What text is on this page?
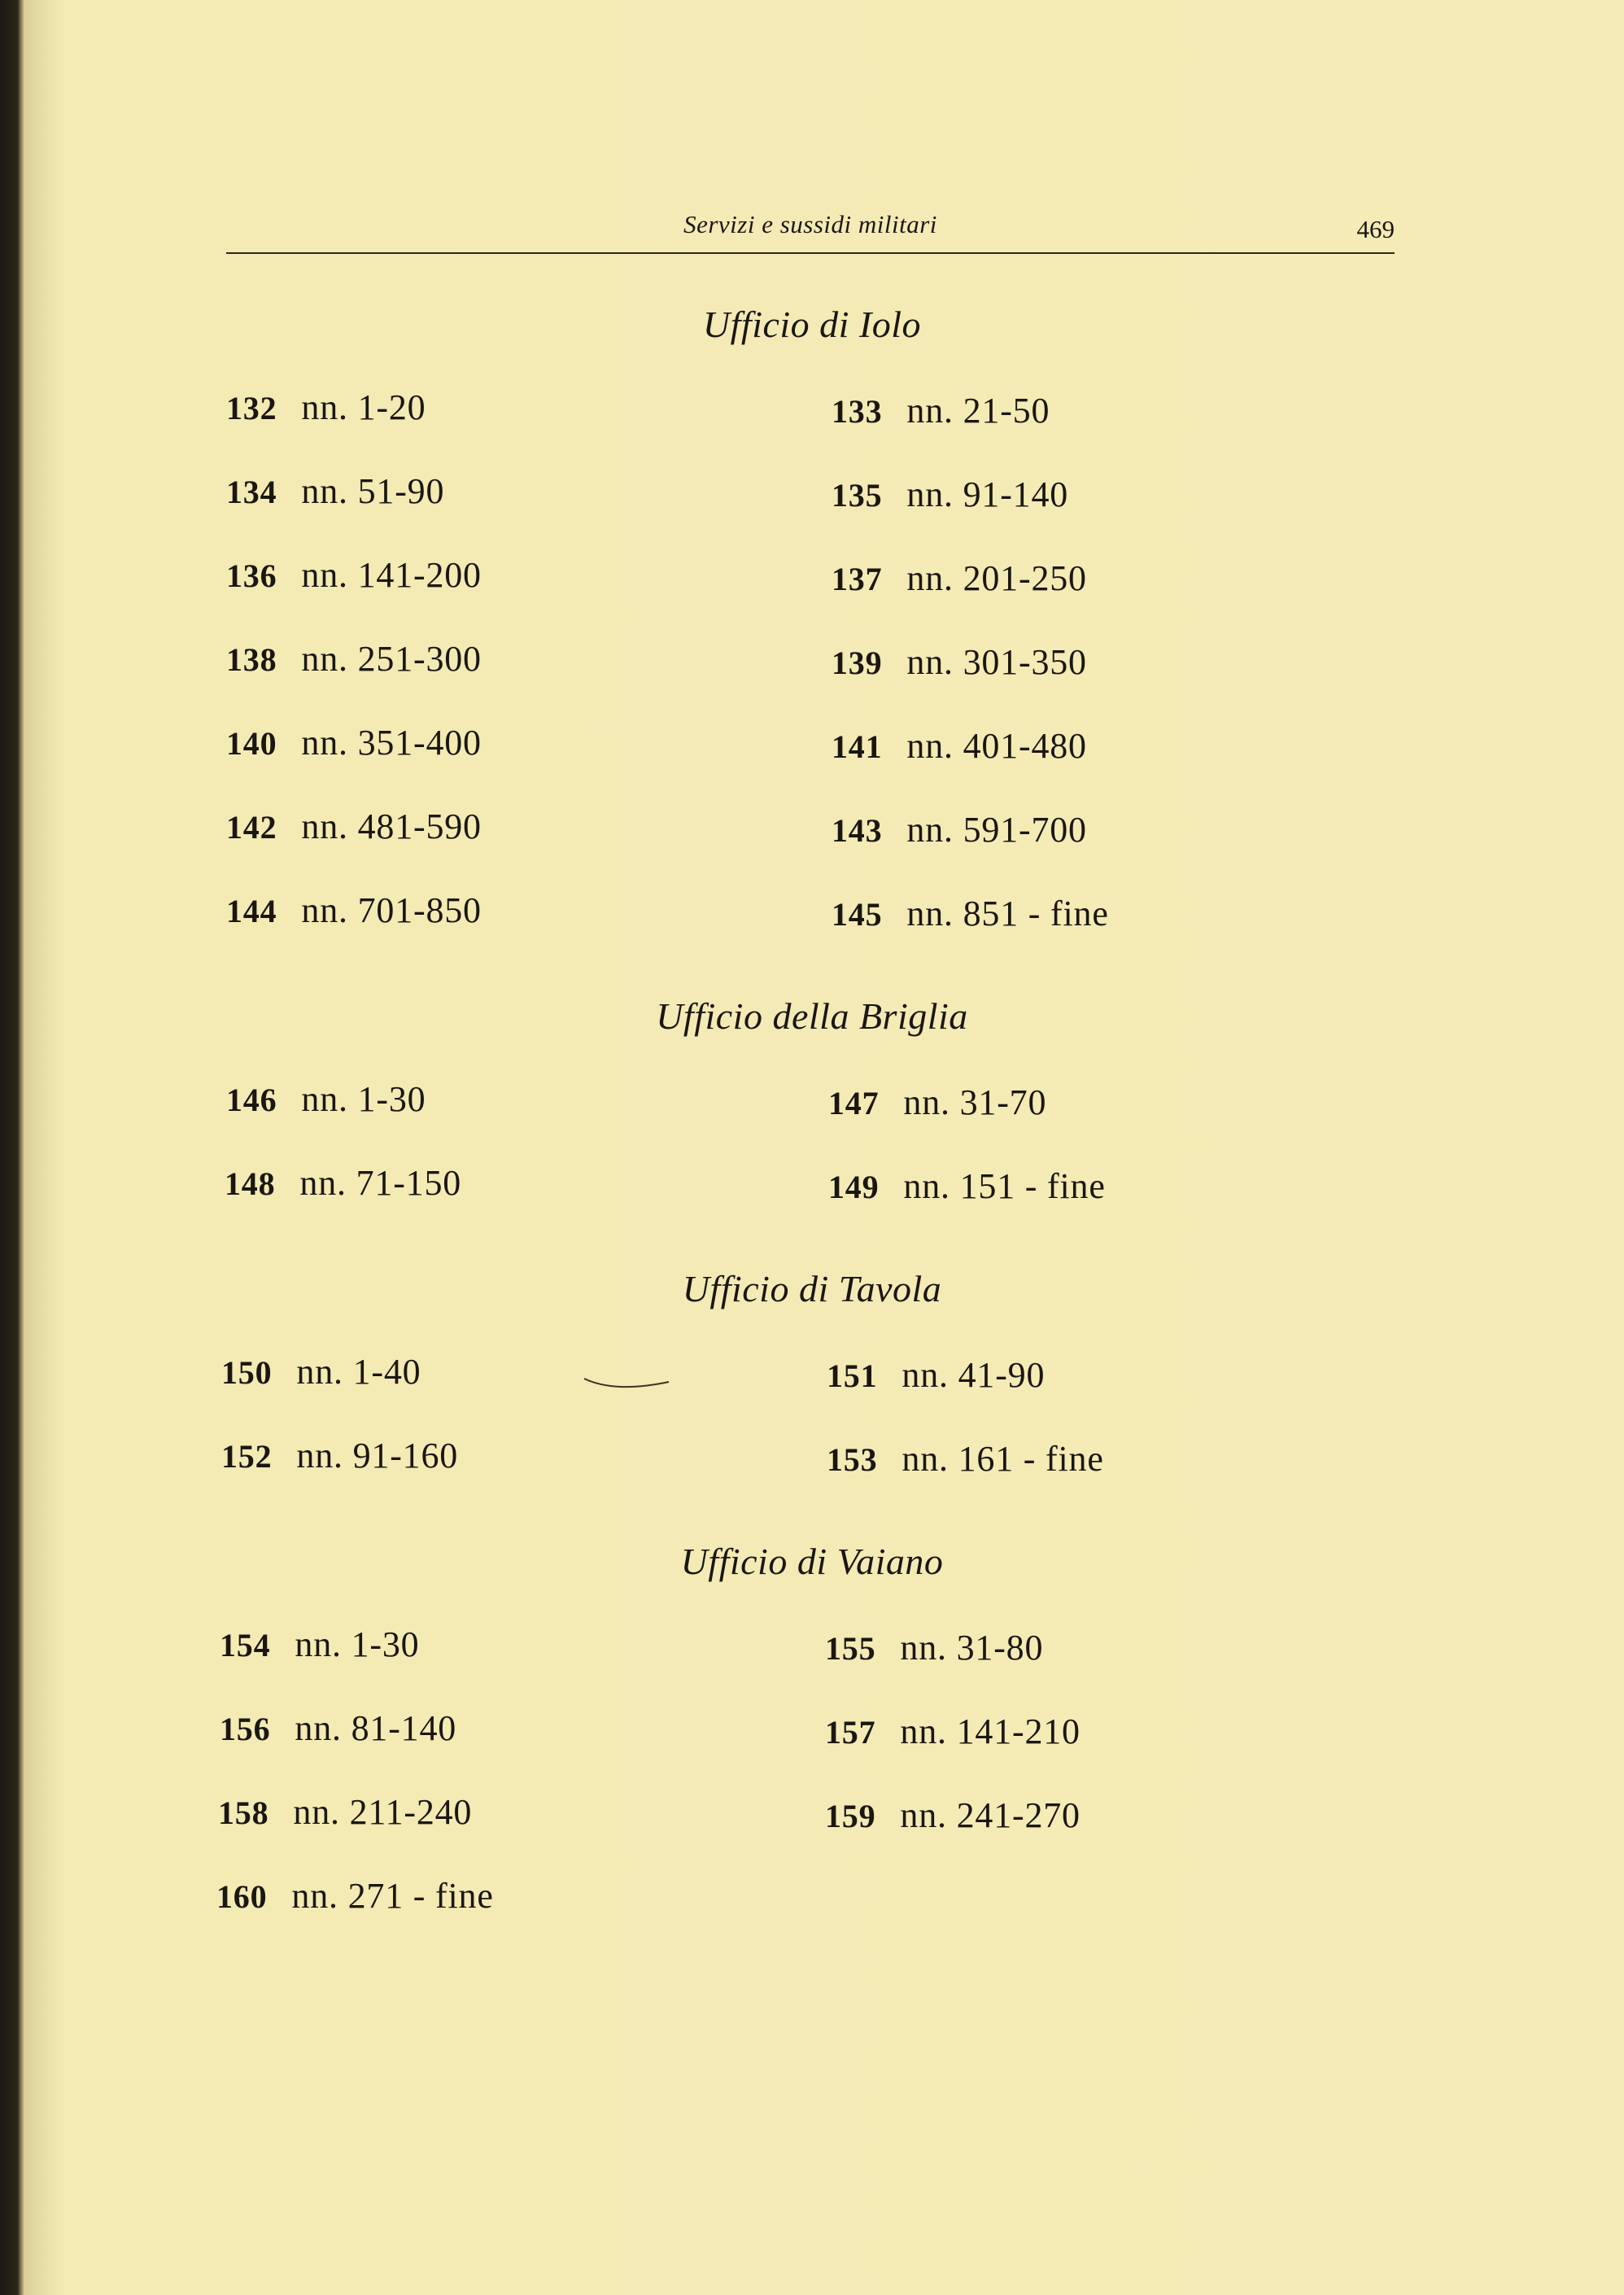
Servizi e sussidi militari	469
Ufficio di Iolo
132 nn. 1-20	133 nn. 21-50
134 nn. 51-90	135 nn. 91-140
136 nn. 141-200	137 nn. 201-250
138 nn. 251-300	139 nn. 301-350
140 nn. 351-400	141 nn. 401-480
142 nn. 481-590	143 nn. 591-700
144 nn. 701-850	145 nn. 851 - fine
Ufficio della Briglia
146 nn. 1-30	147 nn. 31-70
148 nn. 71-150	149 nn. 151 - fine
Ufficio di Tavola
150 nn. 1-40	151 nn. 41-90
152 nn. 91-160	153 nn. 161 - fine
Ufficio di Vaiano
154 nn. 1-30	155 nn. 31-80
156 nn. 81-140	157 nn. 141-210
158 nn. 211-240	159 nn. 241-270
160 nn. 271 - fine
